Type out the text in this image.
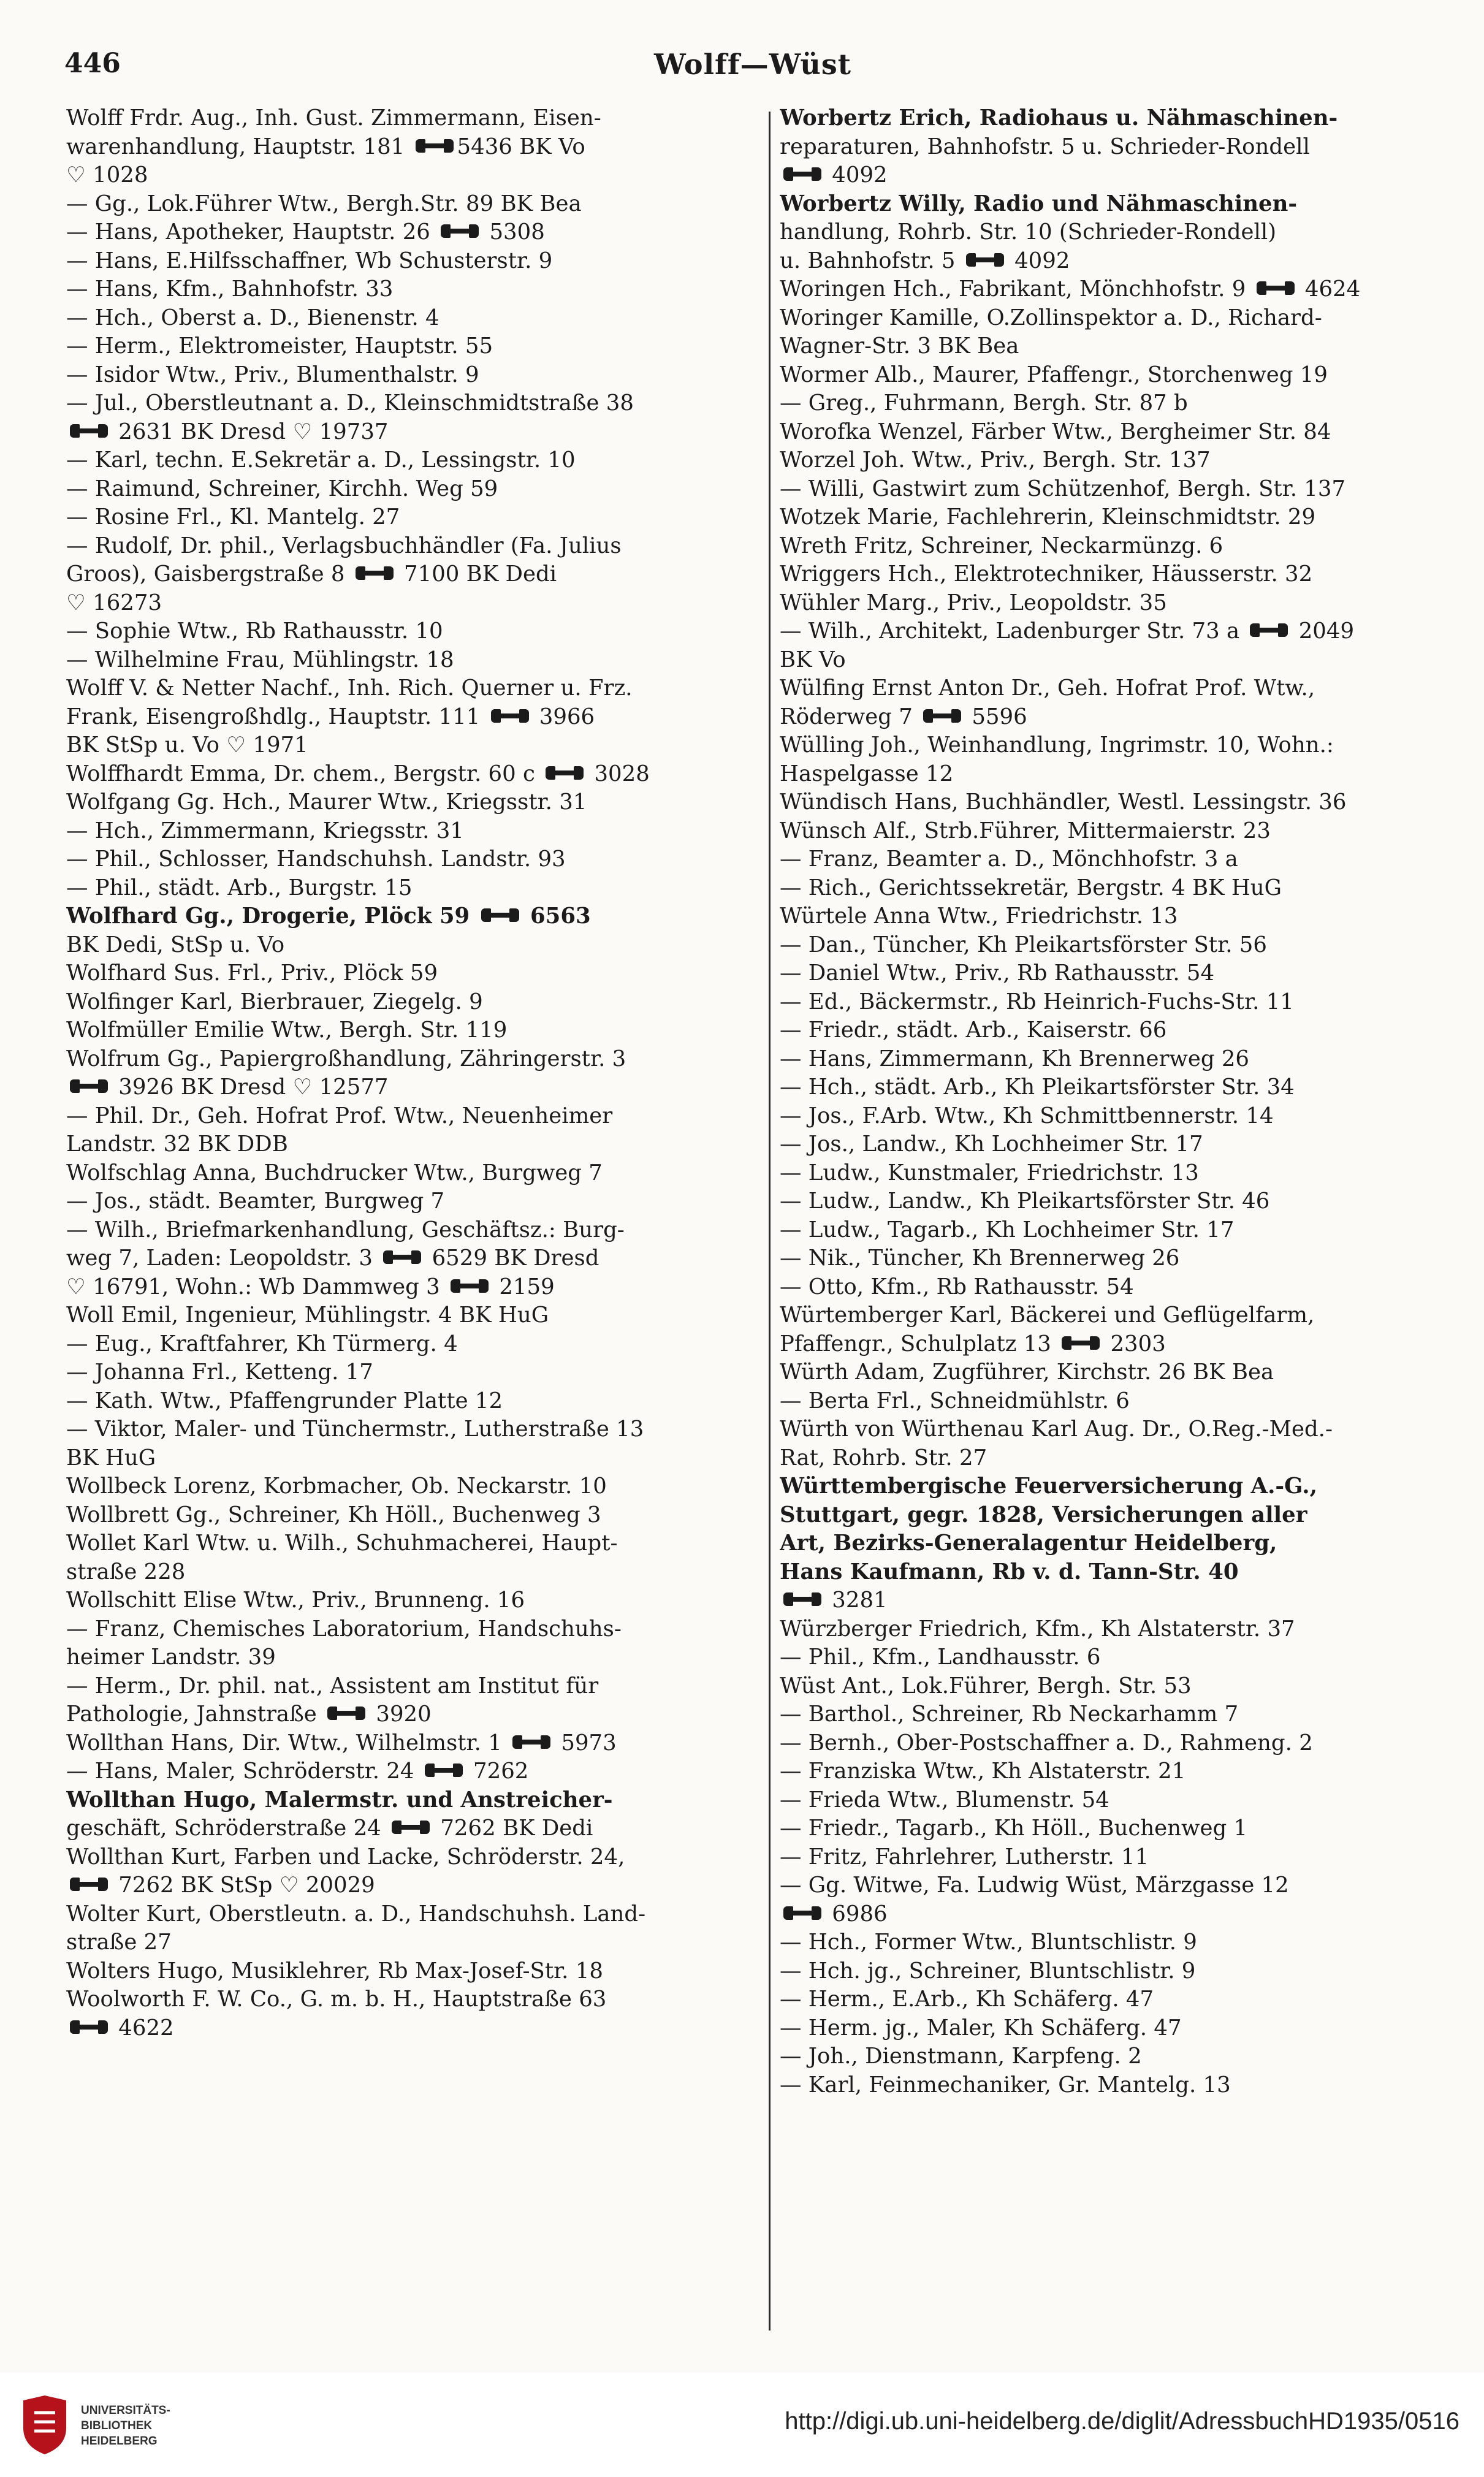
446	Wolff—Wüst
Wolff Frdr. Aug., Inh. Gust. Zimmermann, Eisen-
warenhandlung, Hauptstr. 181
5436 BK Vo
♡ 1028
— Gg., Lok.Führer Wtw., Bergh.Str. 89 BK Bea
— Hans, Apotheker, Hauptstr. 26
5308
— Hans, E.Hilfsschaffner, Wb Schusterstr. 9
— Hans, Kfm., Bahnhofstr. 33
— Hch., Oberst a. D., Bienenstr. 4
— Herm., Elektromeister, Hauptstr. 55
— Isidor Wtw., Priv., Blumenthalstr. 9
— Jul., Oberstleutnant a. D., Kleinschmidtstraße 38
2631 BK Dresd ♡ 19737
— Karl, techn. E.Sekretär a. D., Lessingstr. 10
— Raimund, Schreiner, Kirchh. Weg 59
— Rosine Frl., Kl. Mantelg. 27
— Rudolf, Dr. phil., Verlagsbuchhändler (Fa. Julius
Groos), Gaisbergstraße 8
7100 BK Dedi
♡ 16273
— Sophie Wtw., Rb Rathausstr. 10
— Wilhelmine Frau, Mühlingstr. 18
Wolff V. & Netter Nachf., Inh. Rich. Querner u. Frz.
Frank, Eisengroßhdlg., Hauptstr. 111
3966
BK StSp u. Vo ♡ 1971
Wolffhardt Emma, Dr. chem., Bergstr. 60 c
3028
Wolfgang Gg. Hch., Maurer Wtw., Kriegsstr. 31
— Hch., Zimmermann, Kriegsstr. 31
— Phil., Schlosser, Handschuhsh. Landstr. 93
— Phil., städt. Arb., Burgstr. 15
Wolfhard Gg., Drogerie, Plöck 59
6563
BK Dedi, StSp u. Vo
Wolfhard Sus. Frl., Priv., Plöck 59
Wolfinger Karl, Bierbrauer, Ziegelg. 9
Wolfmüller Emilie Wtw., Bergh. Str. 119
Wolfrum Gg., Papiergroßhandlung, Zähringerstr. 3
3926 BK Dresd ♡ 12577
— Phil. Dr., Geh. Hofrat Prof. Wtw., Neuenheimer
Landstr. 32 BK DDB
Wolfschlag Anna, Buchdrucker Wtw., Burgweg 7
— Jos., städt. Beamter, Burgweg 7
— Wilh., Briefmarkenhandlung, Geschäftsz.: Burg-
weg 7, Laden: Leopoldstr. 3
6529 BK Dresd
♡ 16791, Wohn.: Wb Dammweg 3
2159
Woll Emil, Ingenieur, Mühlingstr. 4 BK HuG
— Eug., Kraftfahrer, Kh Türmerg. 4
— Johanna Frl., Ketteng. 17
— Kath. Wtw., Pfaffengrunder Platte 12
— Viktor, Maler- und Tünchermstr., Lutherstraße 13
BK HuG
Wollbeck Lorenz, Korbmacher, Ob. Neckarstr. 10
Wollbrett Gg., Schreiner, Kh Höll., Buchenweg 3
Wollet Karl Wtw. u. Wilh., Schuhmacherei, Haupt-
straße 228
Wollschitt Elise Wtw., Priv., Brunneng. 16
— Franz, Chemisches Laboratorium, Handschuhs-
heimer Landstr. 39
— Herm., Dr. phil. nat., Assistent am Institut für
Pathologie, Jahnstraße
3920
Wollthan Hans, Dir. Wtw., Wilhelmstr. 1
5973
— Hans, Maler, Schröderstr. 24
7262
Wollthan Hugo, Malermstr. und Anstreicher-
geschäft, Schröderstraße 24
7262 BK Dedi
Wollthan Kurt, Farben und Lacke, Schröderstr. 24,
7262 BK StSp ♡ 20029
Wolter Kurt, Oberstleutn. a. D., Handschuhsh. Land-
straße 27
Wolters Hugo, Musiklehrer, Rb Max-Josef-Str. 18
Woolworth F. W. Co., G. m. b. H., Hauptstraße 63
4622
Worbertz Erich, Radiohaus u. Nähmaschinen-
reparaturen, Bahnhofstr. 5 u. Schrieder-Rondell
4092
Worbertz Willy, Radio und Nähmaschinen-
handlung, Rohrb. Str. 10 (Schrieder-Rondell)
u. Bahnhofstr. 5
4092
Woringen Hch., Fabrikant, Mönchhofstr. 9
4624
Woringer Kamille, O.Zollinspektor a. D., Richard-
Wagner-Str. 3 BK Bea
Wormer Alb., Maurer, Pfaffengr., Storchenweg 19
— Greg., Fuhrmann, Bergh. Str. 87 b
Worofka Wenzel, Färber Wtw., Bergheimer Str. 84
Worzel Joh. Wtw., Priv., Bergh. Str. 137
— Willi, Gastwirt zum Schützenhof, Bergh. Str. 137
Wotzek Marie, Fachlehrerin, Kleinschmidtstr. 29
Wreth Fritz, Schreiner, Neckarmünzg. 6
Wriggers Hch., Elektrotechniker, Häusserstr. 32
Wühler Marg., Priv., Leopoldstr. 35
— Wilh., Architekt, Ladenburger Str. 73 a
2049
BK Vo
Wülfing Ernst Anton Dr., Geh. Hofrat Prof. Wtw.,
Röderweg 7
5596
Wülling Joh., Weinhandlung, Ingrimstr. 10, Wohn.:
Haspelgasse 12
Wündisch Hans, Buchhändler, Westl. Lessingstr. 36
Wünsch Alf., Strb.Führer, Mittermaierstr. 23
— Franz, Beamter a. D., Mönchhofstr. 3 a
— Rich., Gerichtssekretär, Bergstr. 4 BK HuG
Würtele Anna Wtw., Friedrichstr. 13
— Dan., Tüncher, Kh Pleikartsförster Str. 56
— Daniel Wtw., Priv., Rb Rathausstr. 54
— Ed., Bäckermstr., Rb Heinrich-Fuchs-Str. 11
— Friedr., städt. Arb., Kaiserstr. 66
— Hans, Zimmermann, Kh Brennerweg 26
— Hch., städt. Arb., Kh Pleikartsförster Str. 34
— Jos., F.Arb. Wtw., Kh Schmittbennerstr. 14
— Jos., Landw., Kh Lochheimer Str. 17
— Ludw., Kunstmaler, Friedrichstr. 13
— Ludw., Landw., Kh Pleikartsförster Str. 46
— Ludw., Tagarb., Kh Lochheimer Str. 17
— Nik., Tüncher, Kh Brennerweg 26
— Otto, Kfm., Rb Rathausstr. 54
Würtemberger Karl, Bäckerei und Geflügelfarm,
Pfaffengr., Schulplatz 13
2303
Würth Adam, Zugführer, Kirchstr. 26 BK Bea
— Berta Frl., Schneidmühlstr. 6
Würth von Würthenau Karl Aug. Dr., O.Reg.-Med.-
Rat, Rohrb. Str. 27
Württembergische Feuerversicherung A.-G.,
Stuttgart, gegr. 1828, Versicherungen aller
Art, Bezirks-Generalagentur Heidelberg,
Hans Kaufmann, Rb v. d. Tann-Str. 40
3281
Würzberger Friedrich, Kfm., Kh Alstaterstr. 37
— Phil., Kfm., Landhausstr. 6
Wüst Ant., Lok.Führer, Bergh. Str. 53
— Barthol., Schreiner, Rb Neckarhamm 7
— Bernh., Ober-Postschaffner a. D., Rahmeng. 2
— Franziska Wtw., Kh Alstaterstr. 21
— Frieda Wtw., Blumenstr. 54
— Friedr., Tagarb., Kh Höll., Buchenweg 1
— Fritz, Fahrlehrer, Lutherstr. 11
— Gg. Witwe, Fa. Ludwig Wüst, Märzgasse 12
6986
— Hch., Former Wtw., Bluntschlistr. 9
— Hch. jg., Schreiner, Bluntschlistr. 9
— Herm., E.Arb., Kh Schäferg. 47
— Herm. jg., Maler, Kh Schäferg. 47
— Joh., Dienstmann, Karpfeng. 2
— Karl, Feinmechaniker, Gr. Mantelg. 13
UNIVERSITÄTS-
BIBLIOTHEK
HEIDELBERG
http://digi.ub.uni-heidelberg.de/diglit/AdressbuchHD1935/0516
